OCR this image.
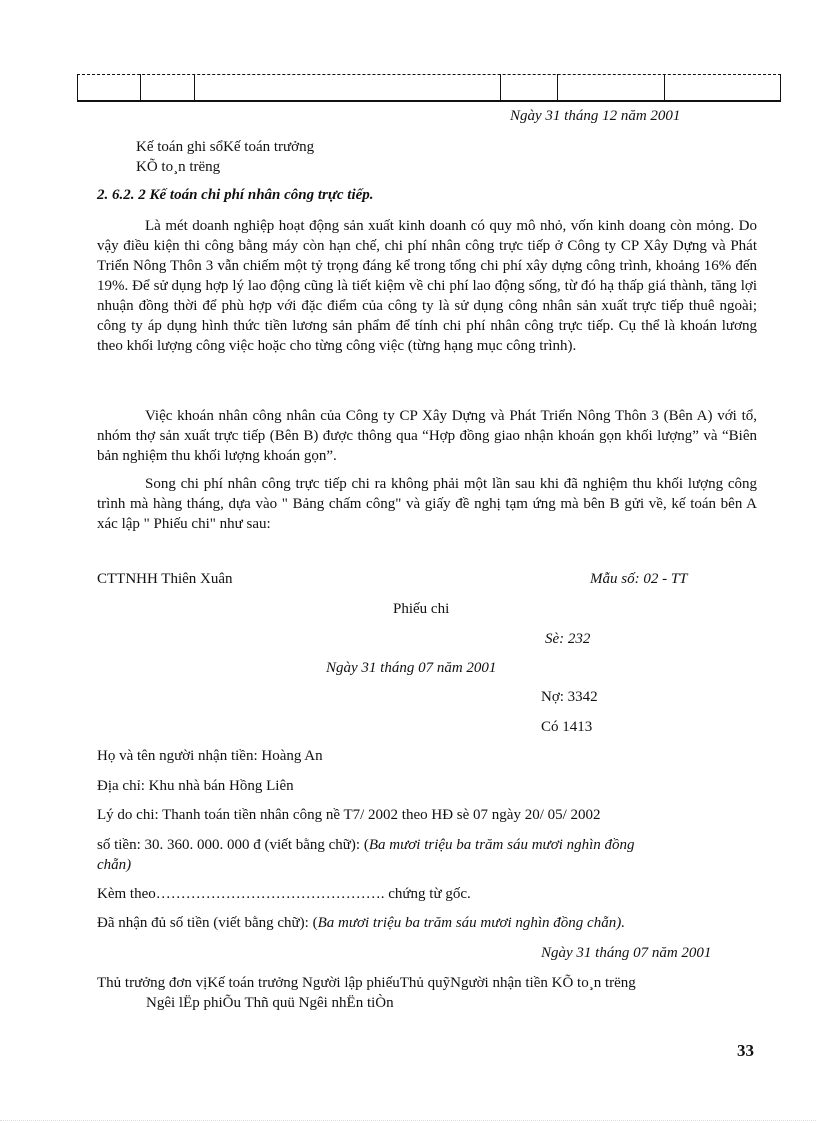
Ngày 31 tháng 12 năm 2001
Kế toán ghi sổKế toán trưởng
KÕ to¸n trëng
2. 6.2. 2 Kế toán chi phí nhân công trực tiếp.

Là mét doanh nghiệp hoạt động sản xuất kinh doanh có quy mô nhỏ, vốn kinh doang còn mỏng. Do vậy điều kiện thi công bằng máy còn hạn chế, chi phí nhân công trực tiếp ở Công ty CP Xây Dựng và Phát Triển Nông Thôn 3 vẫn chiếm một tỷ trọng đáng kể trong tổng chi phí xây dựng công trình, khoảng 16% đến 19%. Để sử dụng hợp lý lao động cũng là tiết kiệm về chi phí lao động sống, từ đó hạ thấp giá thành, tăng lợi nhuận đồng thời để phù hợp với đặc điểm của công ty là sử dụng công nhân sản xuất trực tiếp thuê ngoài; công ty áp dụng hình thức tiền lương sản phẩm để tính chi phí nhân công trực tiếp. Cụ thể là khoán lương theo khối lượng công việc hoặc cho từng công việc (từng hạng mục công trình).

Việc khoán nhân công nhân của Công ty CP Xây Dựng và Phát Triển Nông Thôn 3 (Bên A) với tổ, nhóm thợ sản xuất trực tiếp (Bên B) được thông qua “Hợp đồng giao nhận khoán gọn khối lượng” và “Biên bản nghiệm thu khối lượng khoán gọn”.

Song chi phí nhân công trực tiếp chi ra không phải một lần sau khi đã nghiệm thu khối lượng công trình mà hàng tháng, dựa vào " Bảng chấm công" và giấy đề nghị tạm ứng mà bên B gửi về, kế toán bên A xác lập " Phiếu chi" như sau:

CTTNHH Thiên Xuân	Mẫu số: 02 - TT
Phiếu chi
Sè: 232
Ngày 31 tháng 07 năm 2001
Nợ: 3342
Có 1413
Họ và tên người nhận tiền: Hoàng An
Địa chỉ: Khu nhà bán Hồng Liên
Lý do chi: Thanh toán tiền nhân công nề T7/ 2002 theo HĐ sè 07 ngày 20/ 05/ 2002
số tiền: 30. 360. 000. 000 đ (viết bằng chữ): (Ba mươi triệu ba trăm sáu mươi nghìn đồng
chẵn)
Kèm theo………………………………………. chứng từ gốc.
Đã nhận đủ số tiền (viết bằng chữ): (Ba mươi triệu ba trăm sáu mươi nghìn đồng chẵn).
Ngày 31 tháng 07 năm 2001
Thủ trưởng đơn vịKế toán trưởng Người lập phiếuThủ quỹNgười nhận tiền KÕ to¸n trëng
Ngêi lËp phiÕu Thñ quü Ngêi nhËn tiÒn
33
